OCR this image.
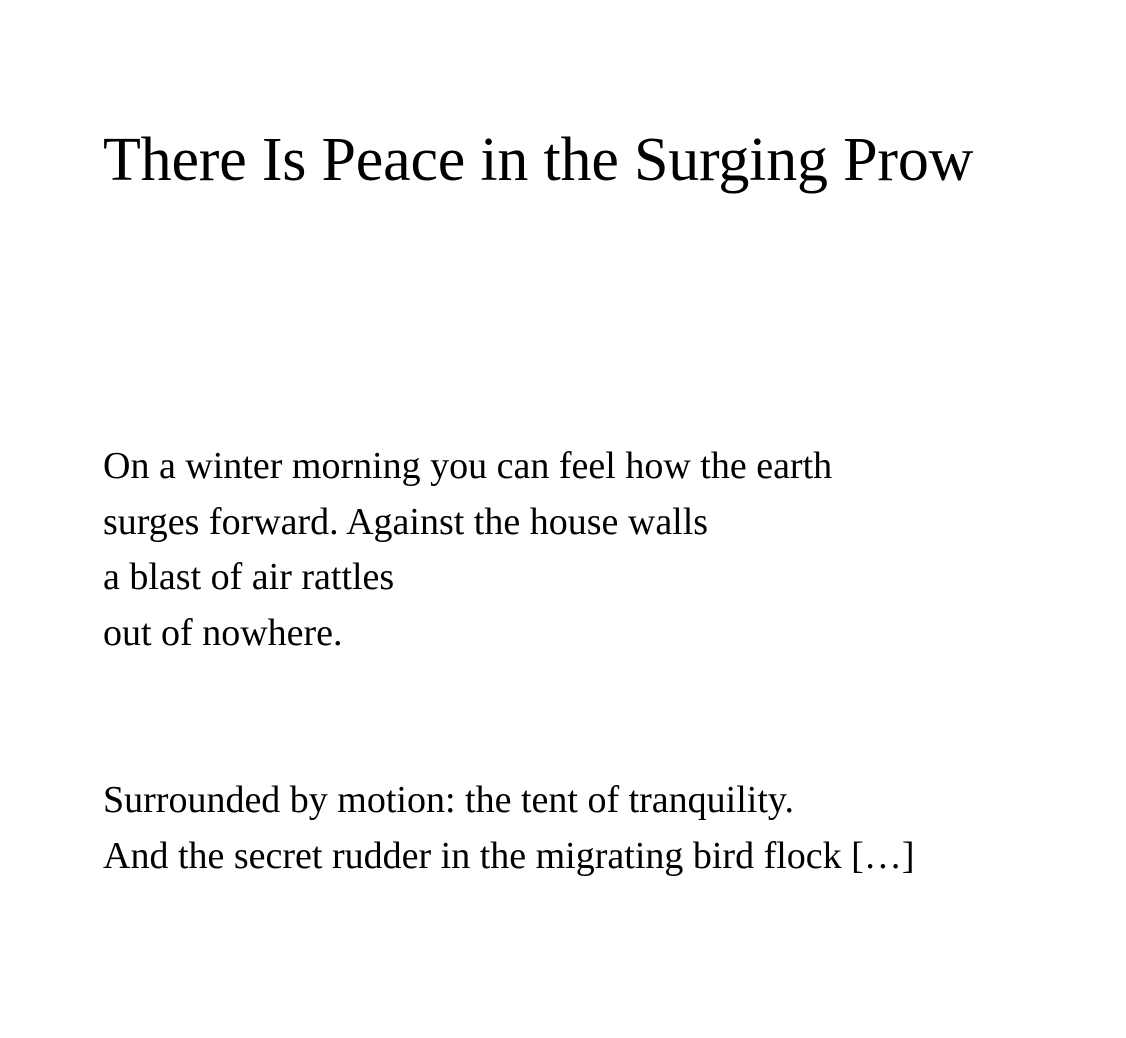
There Is Peace in the Surging Prow
On a winter morning you can feel how the earth
surges forward. Against the house walls
a blast of air rattles
out of nowhere.
Surrounded by motion: the tent of tranquility.
And the secret rudder in the migrating bird flock […]
